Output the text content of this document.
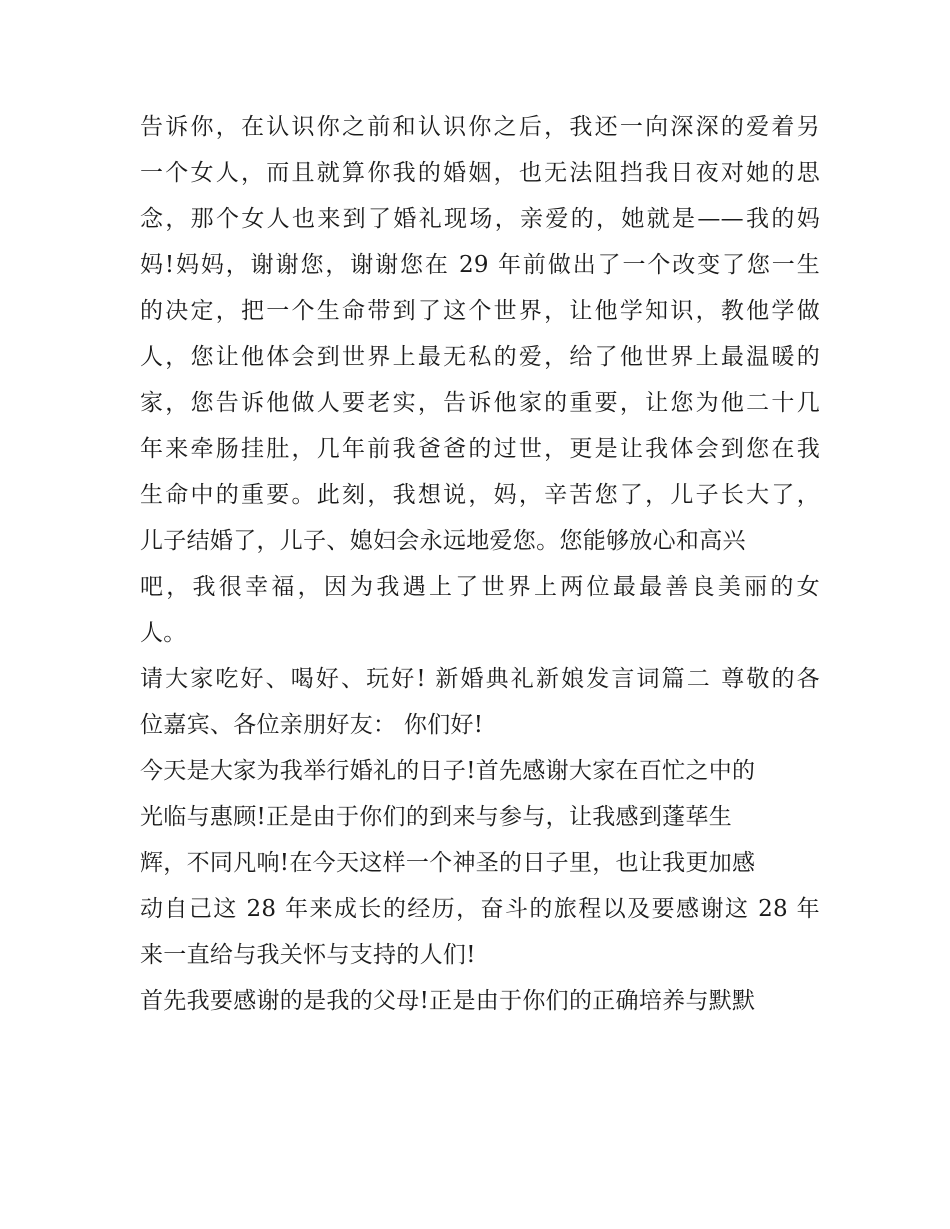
告诉你，在认识你之前和认识你之后，我还一向深深的爱着另
一个女人，而且就算你我的婚姻，也无法阻挡我日夜对她的思
念，那个女人也来到了婚礼现场，亲爱的，她就是——我的妈
妈!妈妈，谢谢您，谢谢您在 29 年前做出了一个改变了您一生
的决定，把一个生命带到了这个世界，让他学知识，教他学做
人，您让他体会到世界上最无私的爱，给了他世界上最温暖的
家，您告诉他做人要老实，告诉他家的重要，让您为他二十几
年来牵肠挂肚，几年前我爸爸的过世，更是让我体会到您在我
生命中的重要。此刻，我想说，妈，辛苦您了，儿子长大了，
儿子结婚了，儿子、媳妇会永远地爱您。您能够放心和高兴
吧，我很幸福，因为我遇上了世界上两位最最善良美丽的女
人。
请大家吃好、喝好、玩好! 新婚典礼新娘发言词篇二 尊敬的各
位嘉宾、各位亲朋好友： 你们好!
今天是大家为我举行婚礼的日子!首先感谢大家在百忙之中的
光临与惠顾!正是由于你们的到来与参与，让我感到蓬荜生
辉，不同凡响!在今天这样一个神圣的日子里，也让我更加感
动自己这 28 年来成长的经历，奋斗的旅程以及要感谢这 28 年
来一直给与我关怀与支持的人们!
首先我要感谢的是我的父母!正是由于你们的正确培养与默默
